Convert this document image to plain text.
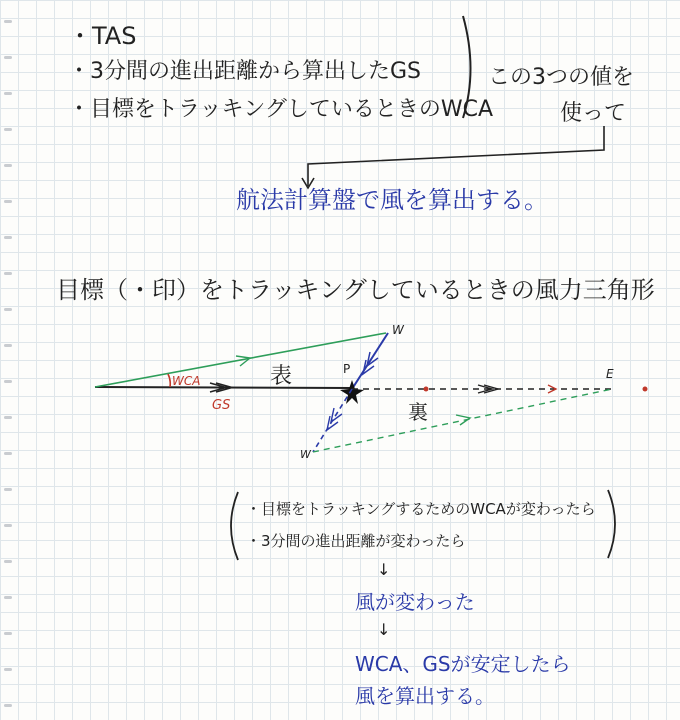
・TAS
・3分間の進出距離から算出したGS
・目標をトラッキングしているときのWCA
この3つの値を
使って
航法計算盤で風を算出する。
目標（・印）をトラッキングしているときの風力三角形
W
P	E
W
WCA
GS
表
裏
・目標をトラッキングするためのWCAが変わったら
・3分間の進出距離が変わったら
↓
風が変わった
↓
WCA、GSが安定したら
風を算出する。
